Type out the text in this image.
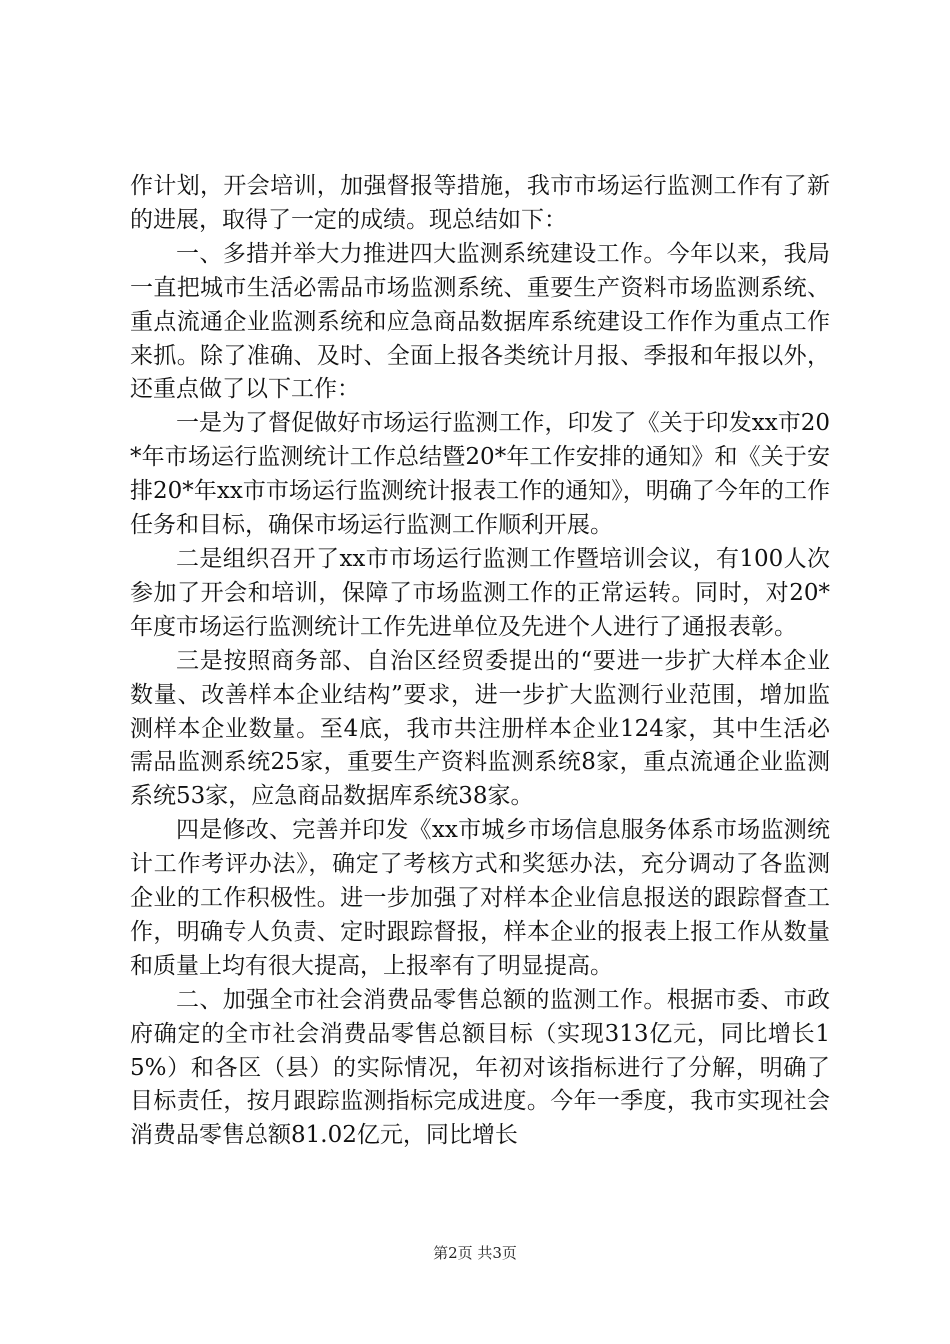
作计划，开会培训，加强督报等措施，我市市场运行监测工作有了新的进展，取得了一定的成绩。现总结如下：

一、多措并举大力推进四大监测系统建设工作。今年以来，我局一直把城市生活必需品市场监测系统、重要生产资料市场监测系统、重点流通企业监测系统和应急商品数据库系统建设工作作为重点工作来抓。除了准确、及时、全面上报各类统计月报、季报和年报以外，还重点做了以下工作：

一是为了督促做好市场运行监测工作，印发了《关于印发xx市20*年市场运行监测统计工作总结暨20*年工作安排的通知》和《关于安排20*年xx市市场运行监测统计报表工作的通知》，明确了今年的工作任务和目标，确保市场运行监测工作顺利开展。

二是组织召开了xx市市场运行监测工作暨培训会议，有100人次参加了开会和培训，保障了市场监测工作的正常运转。同时，对20*年度市场运行监测统计工作先进单位及先进个人进行了通报表彰。

三是按照商务部、自治区经贸委提出的“要进一步扩大样本企业数量、改善样本企业结构”要求，进一步扩大监测行业范围，增加监测样本企业数量。至4底，我市共注册样本企业124家，其中生活必需品监测系统25家，重要生产资料监测系统8家，重点流通企业监测系统53家，应急商品数据库系统38家。

四是修改、完善并印发《xx市城乡市场信息服务体系市场监测统计工作考评办法》，确定了考核方式和奖惩办法，充分调动了各监测企业的工作积极性。进一步加强了对样本企业信息报送的跟踪督查工作，明确专人负责、定时跟踪督报，样本企业的报表上报工作从数量和质量上均有很大提高，上报率有了明显提高。

二、加强全市社会消费品零售总额的监测工作。根据市委、市政府确定的全市社会消费品零售总额目标（实现313亿元，同比增长15%）和各区（县）的实际情况，年初对该指标进行了分解，明确了目标责任，按月跟踪监测指标完成进度。今年一季度，我市实现社会消费品零售总额81.02亿元，同比增长

第2页 共3页
